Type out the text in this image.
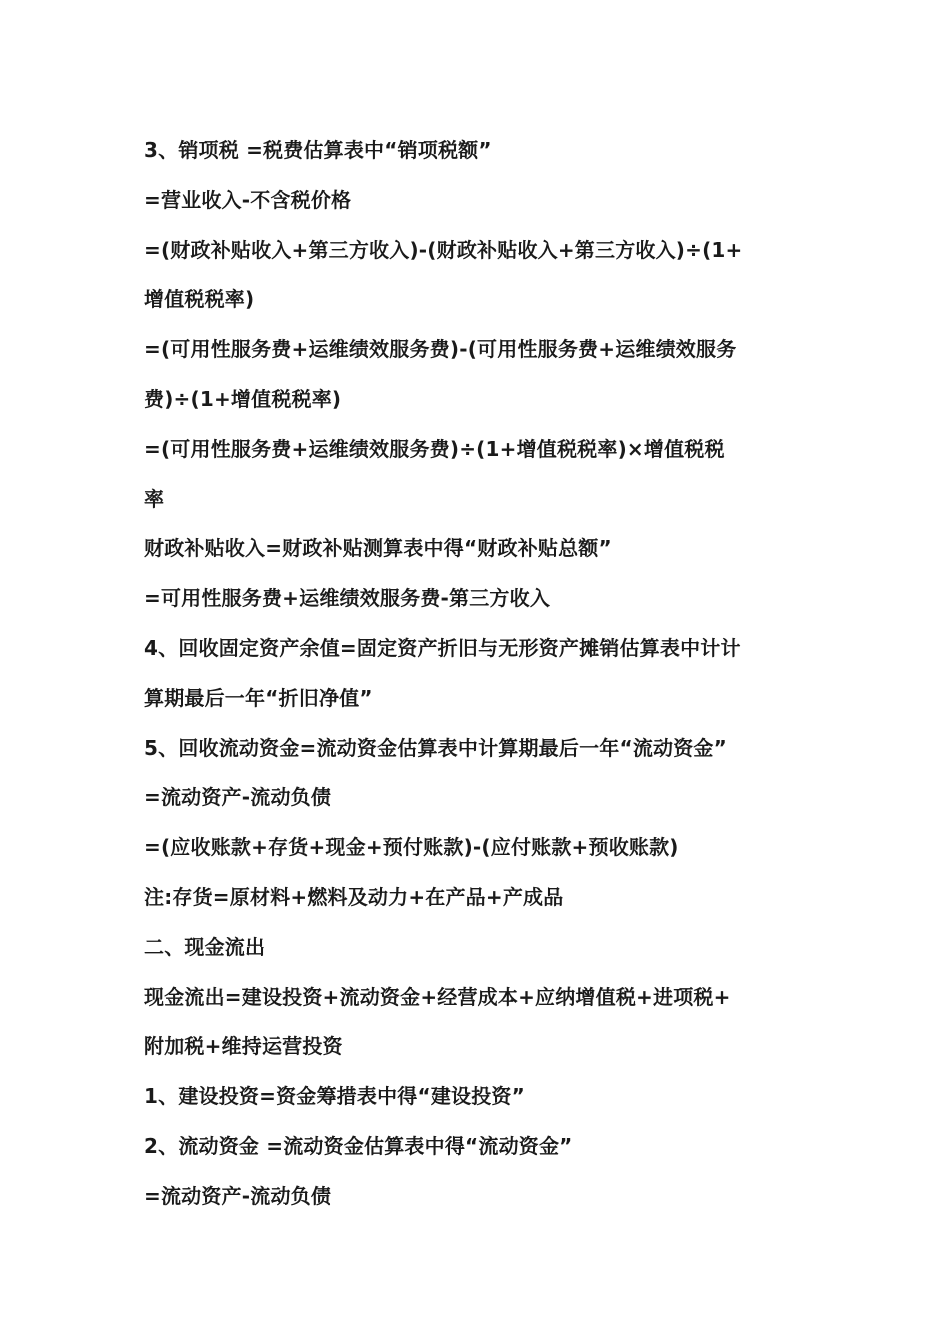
3、销项税 =税费估算表中“销项税额”
=营业收入-不含税价格
=(财政补贴收入+第三方收入)-(财政补贴收入+第三方收入)÷(1+
增值税税率)
=(可用性服务费+运维绩效服务费)-(可用性服务费+运维绩效服务
费)÷(1+增值税税率)
=(可用性服务费+运维绩效服务费)÷(1+增值税税率)×增值税税
率
财政补贴收入=财政补贴测算表中得“财政补贴总额”
=可用性服务费+运维绩效服务费-第三方收入
4、回收固定资产余值=固定资产折旧与无形资产摊销估算表中计计
算期最后一年“折旧净值”
5、回收流动资金=流动资金估算表中计算期最后一年“流动资金”
=流动资产-流动负债
=(应收账款+存货+现金+预付账款)-(应付账款+预收账款)
注:存货=原材料+燃料及动力+在产品+产成品
二、现金流出
现金流出=建设投资+流动资金+经营成本+应纳增值税+进项税+
附加税+维持运营投资
1、建设投资=资金筹措表中得“建设投资”
2、流动资金 =流动资金估算表中得“流动资金”
=流动资产-流动负债
